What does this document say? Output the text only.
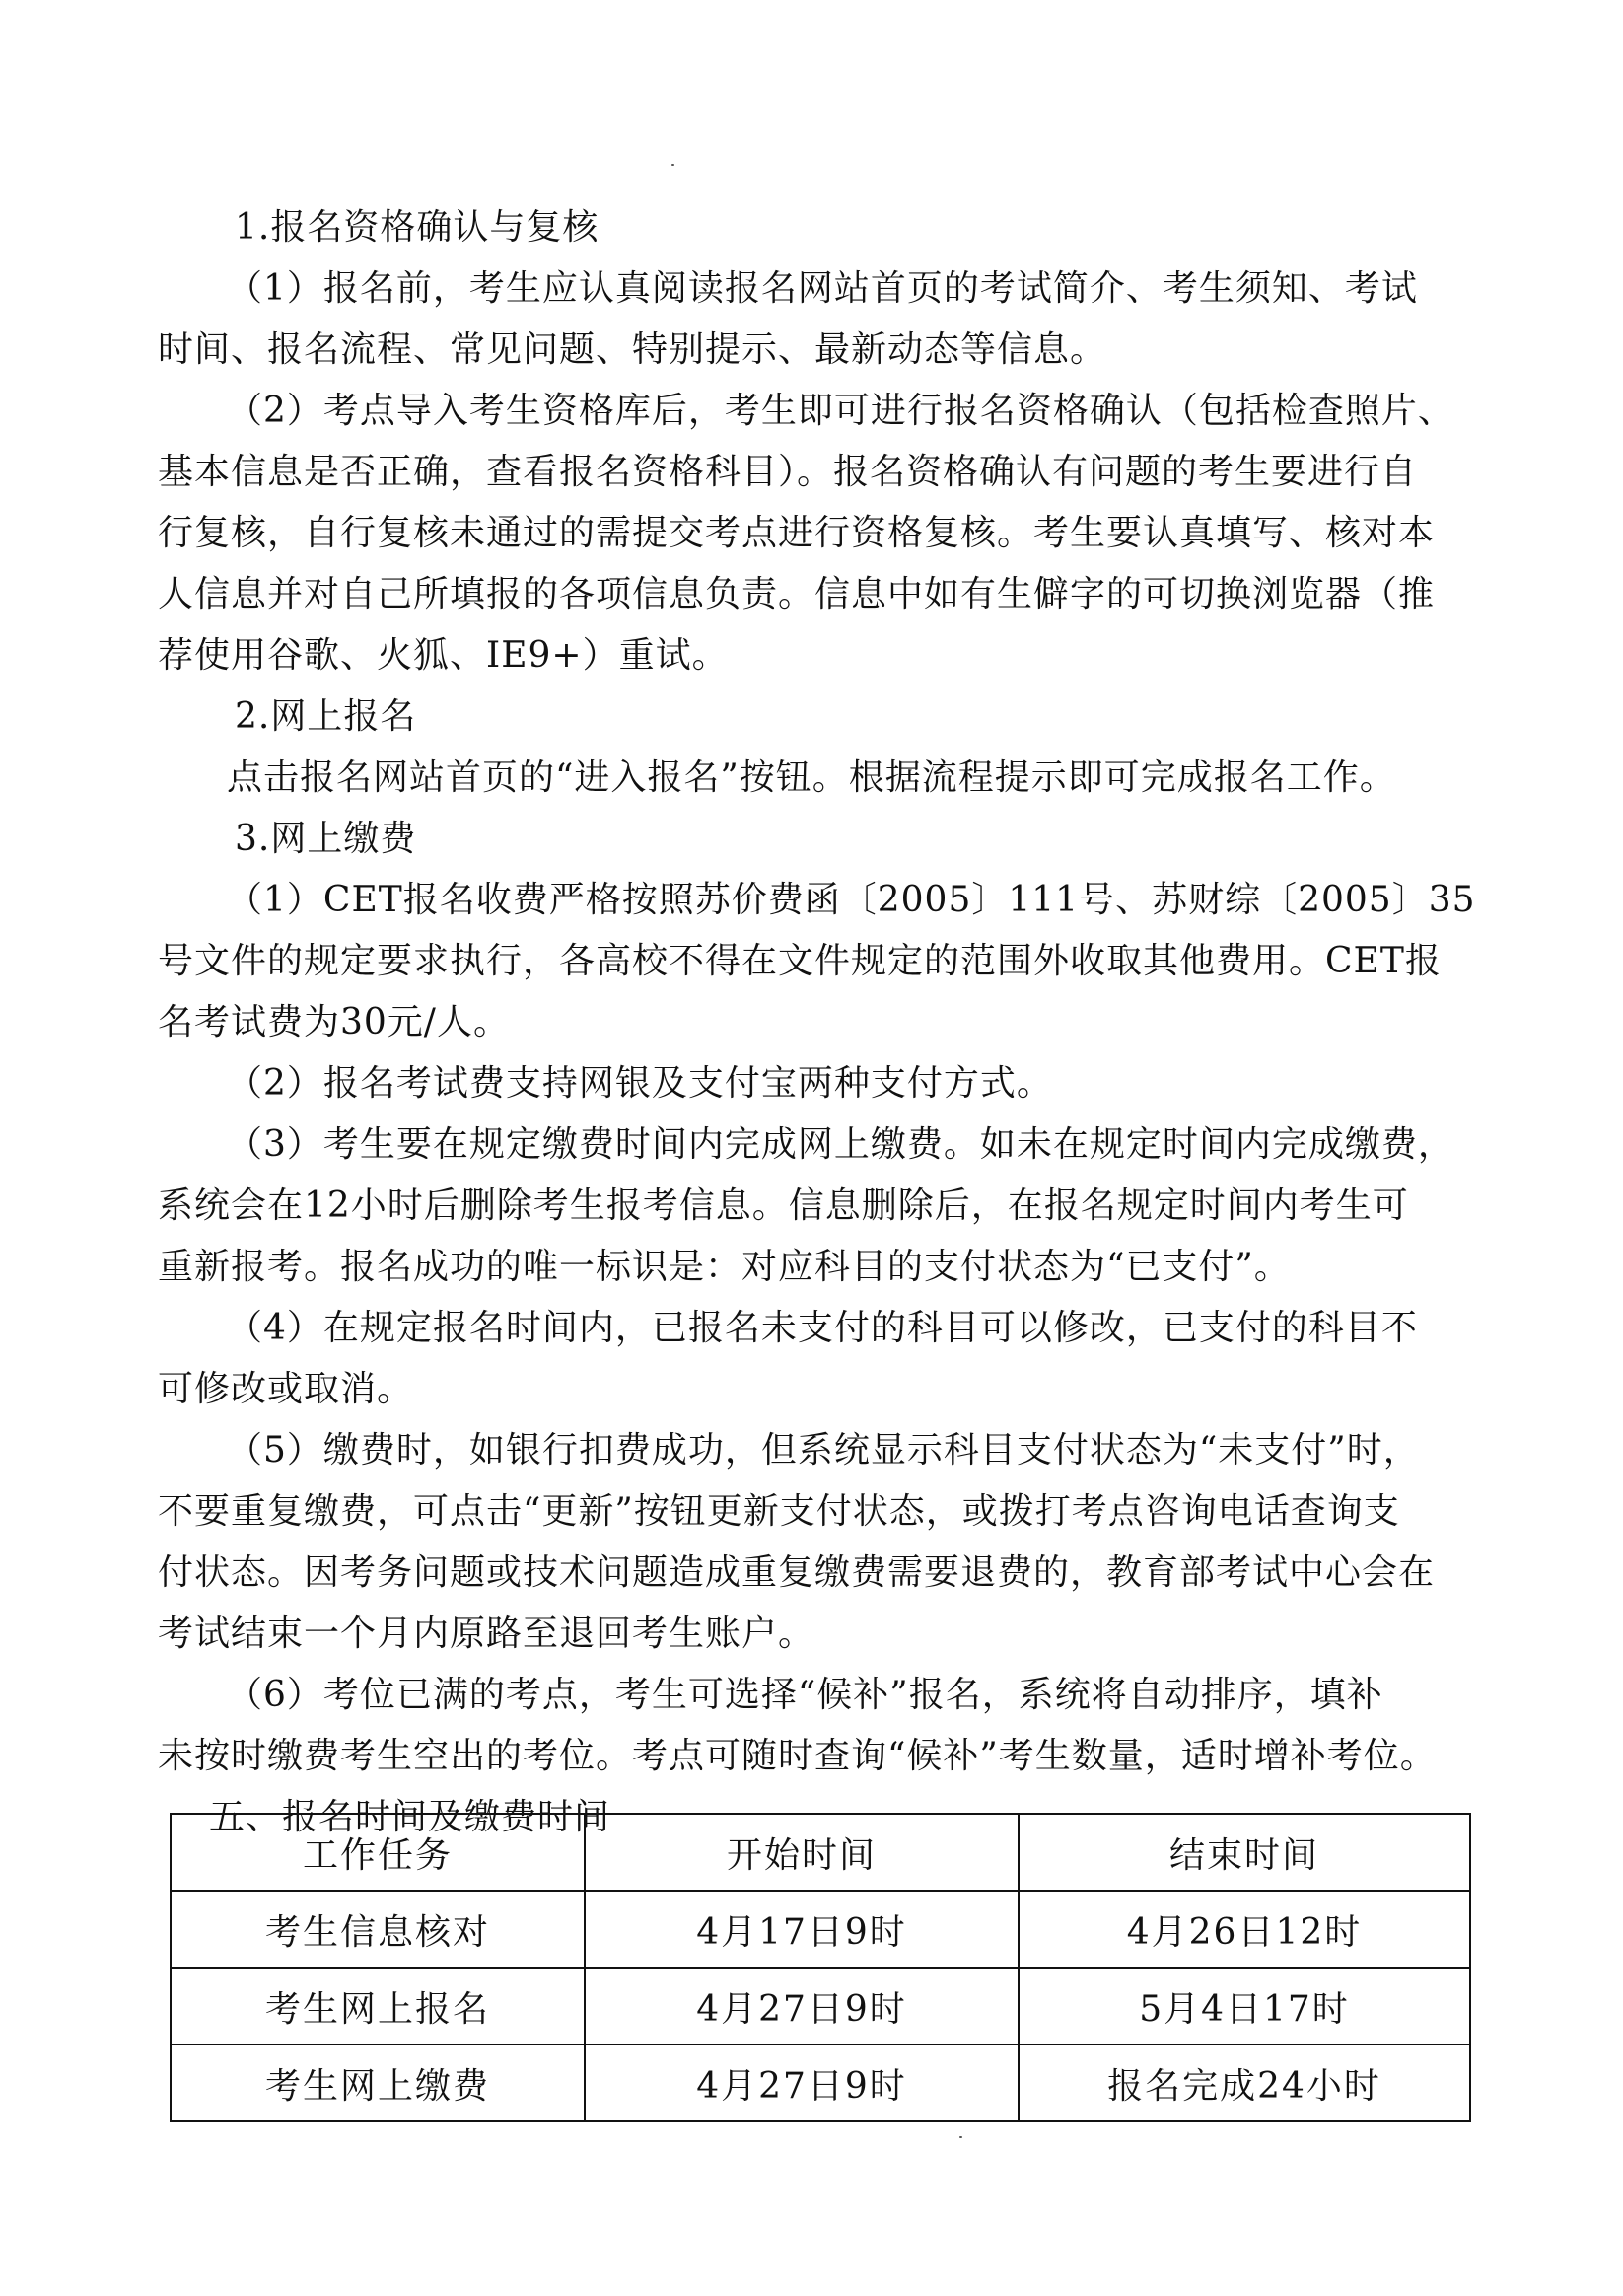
1.报名资格确认与复核
（1）报名前，考生应认真阅读报名网站首页的考试简介、考生须知、考试
时间、报名流程、常见问题、特别提示、最新动态等信息。
（2）考点导入考生资格库后，考生即可进行报名资格确认（包括检查照片、
基本信息是否正确，查看报名资格科目）。报名资格确认有问题的考生要进行自
行复核，自行复核未通过的需提交考点进行资格复核。考生要认真填写、核对本
人信息并对自己所填报的各项信息负责。信息中如有生僻字的可切换浏览器（推
荐使用谷歌、火狐、IE9+）重试。
2.网上报名
点击报名网站首页的“进入报名”按钮。根据流程提示即可完成报名工作。
3.网上缴费
（1）CET报名收费严格按照苏价费函〔2005〕111号、苏财综〔2005〕35
号文件的规定要求执行，各高校不得在文件规定的范围外收取其他费用。CET报
名考试费为30元/人。
（2）报名考试费支持网银及支付宝两种支付方式。
（3）考生要在规定缴费时间内完成网上缴费。如未在规定时间内完成缴费，
系统会在12小时后删除考生报考信息。信息删除后，在报名规定时间内考生可
重新报考。报名成功的唯一标识是：对应科目的支付状态为“已支付”。
（4）在规定报名时间内，已报名未支付的科目可以修改，已支付的科目不
可修改或取消。
（5）缴费时，如银行扣费成功，但系统显示科目支付状态为“未支付”时，
不要重复缴费，可点击“更新”按钮更新支付状态，或拨打考点咨询电话查询支
付状态。因考务问题或技术问题造成重复缴费需要退费的，教育部考试中心会在
考试结束一个月内原路至退回考生账户。
（6）考位已满的考点，考生可选择“候补”报名，系统将自动排序，填补
未按时缴费考生空出的考位。考点可随时查询“候补”考生数量，适时增补考位。
五、报名时间及缴费时间
工作任务	开始时间	结束时间
考生信息核对	4月17日9时	4月26日12时
考生网上报名	4月27日9时	5月4日17时
考生网上缴费	4月27日9时	报名完成24小时
